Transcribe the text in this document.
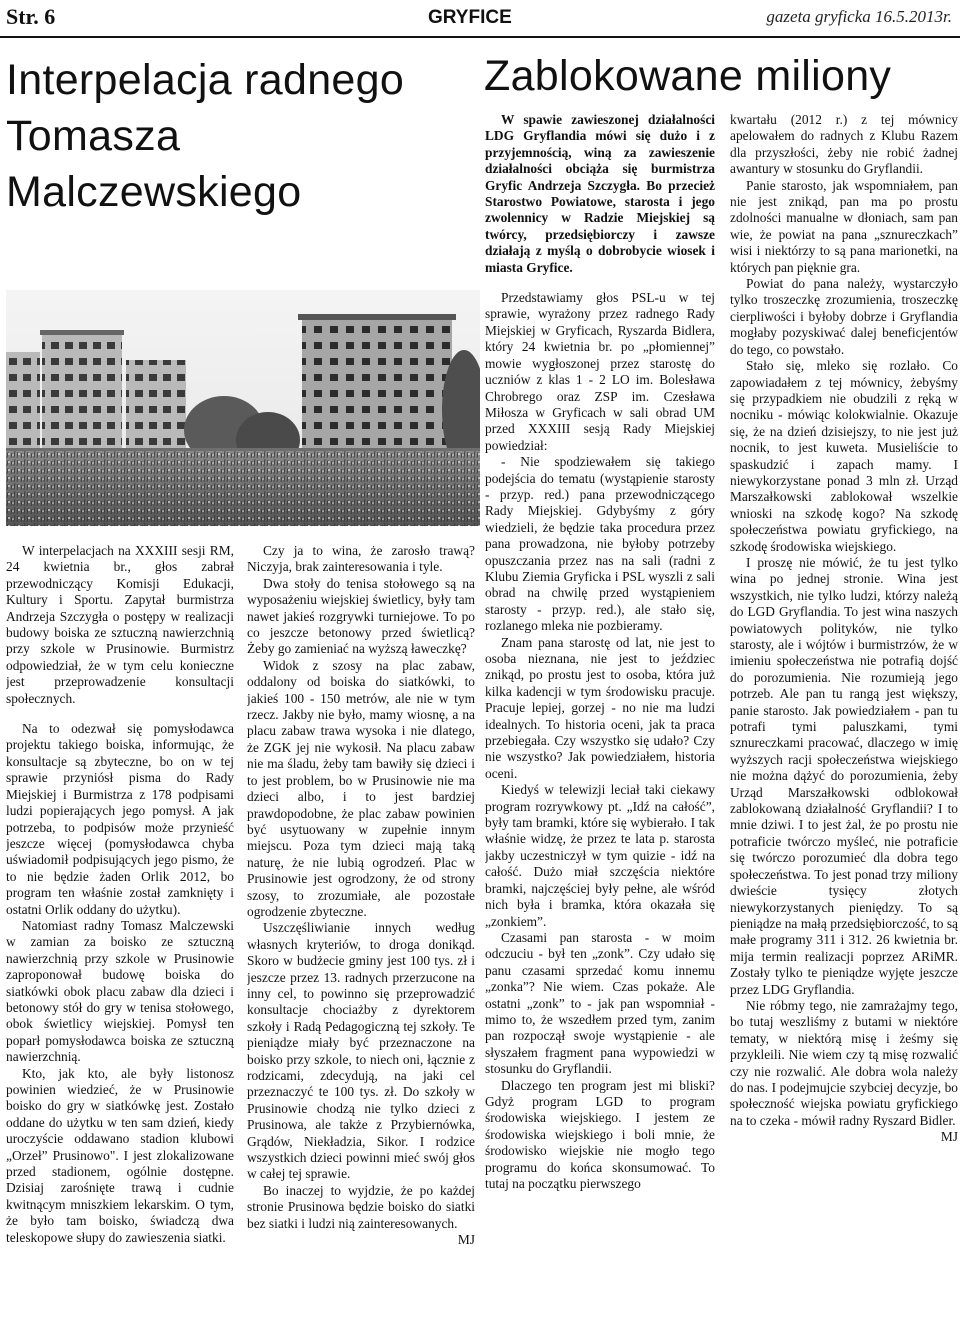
Str. 6	GRYFICE	gazeta gryficka 16.5.2013r.
Interpelacja radnego Tomasza Malczewskiego
Zablokowane miliony

W interpelacjach na XXXIII sesji RM, 24 kwietnia br., głos zabrał przewodniczący Komisji Edukacji, Kultury i Sportu. Zapytał burmistrza Andrzeja Szczygła o postępy w realizacji budowy boiska ze sztuczną nawierzchnią przy szkole w Prusinowie. Burmistrz odpowiedział, że w tym celu konieczne jest przeprowadzenie konsultacji społecznych.

Na to odezwał się pomysłodawca projektu takiego boiska, informując, że konsultacje są zbyteczne, bo on w tej sprawie przyniósł pisma do Rady Miejskiej i Burmistrza z 178 podpisami ludzi popierających jego pomysł. A jak potrzeba, to podpisów może przynieść jeszcze więcej (pomysłodawca chyba uświadomił podpisujących jego pismo, że to nie będzie żaden Orlik 2012, bo program ten właśnie został zamknięty i ostatni Orlik oddany do użytku).

Natomiast radny Tomasz Malczewski w zamian za boisko ze sztuczną nawierzchnią przy szkole w Prusinowie zaproponował budowę boiska do siatkówki obok placu zabaw dla dzieci i betonowy stół do gry w tenisa stołowego, obok świetlicy wiejskiej. Pomysł ten poparł pomysłodawca boiska ze sztuczną nawierzchnią.

Kto, jak kto, ale były listonosz powinien wiedzieć, że w Prusinowie boisko do gry w siatkówkę jest. Zostało oddane do użytku w ten sam dzień, kiedy uroczyście oddawano stadion klubowi „Orzeł” Prusinowo". I jest zlokalizowane przed stadionem, ogólnie dostępne. Dzisiaj zarośnięte trawą i cudnie kwitnącym mniszkiem lekarskim. O tym, że było tam boisko, świadczą dwa teleskopowe słupy do zawieszenia siatki.

Czy ja to wina, że zarosło trawą? Niczyja, brak zainteresowania i tyle.

Dwa stoły do tenisa stołowego są na wyposażeniu wiejskiej świetlicy, były tam nawet jakieś rozgrywki turniejowe. To po co jeszcze betonowy przed świetlicą? Żeby go zamieniać na wyższą ławeczkę?

Widok z szosy na plac zabaw, oddalony od boiska do siatkówki, to jakieś 100 - 150 metrów, ale nie w tym rzecz. Jakby nie było, mamy wiosnę, a na placu zabaw trawa wysoka i nie dlatego, że ZGK jej nie wykosił. Na placu zabaw nie ma śladu, żeby tam bawiły się dzieci i to jest problem, bo w Prusinowie nie ma dzieci albo, i to jest bardziej prawdopodobne, że plac zabaw powinien być usytuowany w zupełnie innym miejscu. Poza tym dzieci mają taką naturę, że nie lubią ogrodzeń. Plac w Prusinowie jest ogrodzony, że od strony szosy, to zrozumiałe, ale pozostałe ogrodzenie zbyteczne.

Uszczęśliwianie innych według własnych kryteriów, to droga donikąd. Skoro w budżecie gminy jest 100 tys. zł i jeszcze przez 13. radnych przerzucone na inny cel, to powinno się przeprowadzić konsultacje chociażby z dyrektorem szkoły i Radą Pedagogiczną tej szkoły. Te pieniądze miały być przeznaczone na boisko przy szkole, to niech oni, łącznie z rodzicami, zdecydują, na jaki cel przeznaczyć te 100 tys. zł. Do szkoły w Prusinowie chodzą nie tylko dzieci z Prusinowa, ale także z Przybiernówka, Grądów, Niekładzia, Sikor. I rodzice wszystkich dzieci powinni mieć swój głos w całej tej sprawie.

Bo inaczej to wyjdzie, że po każdej stronie Prusinowa będzie boisko do siatki bez siatki i ludzi nią zainteresowanych.

MJ

W spawie zawieszonej działalności LDG Gryflandia mówi się dużo i z przyjemnością, winą za zawieszenie działalności obciąża się burmistrza Gryfic Andrzeja Szczygła. Bo przecież Starostwo Powiatowe, starosta i jego zwolennicy w Radzie Miejskiej są twórcy, przedsiębiorczy i zawsze działają z myślą o dobrobycie wiosek i miasta Gryfice.

Przedstawiamy głos PSL-u w tej sprawie, wyrażony przez radnego Rady Miejskiej w Gryficach, Ryszarda Bidlera, który 24 kwietnia br. po „płomiennej” mowie wygłoszonej przez starostę do uczniów z klas 1 - 2 LO im. Bolesława Chrobrego oraz ZSP im. Czesława Miłosza w Gryficach w sali obrad UM przed XXXIII sesją Rady Miejskiej powiedział:

- Nie spodziewałem się takiego podejścia do tematu (wystąpienie starosty - przyp. red.) pana przewodniczącego Rady Miejskiej. Gdybyśmy z góry wiedzieli, że będzie taka procedura przez pana prowadzona, nie byłoby potrzeby opuszczania przez nas na sali (radni z Klubu Ziemia Gryficka i PSL wyszli z sali obrad na chwilę przed wystąpieniem starosty - przyp. red.), ale stało się, rozlanego mleka nie pozbieramy.

Znam pana starostę od lat, nie jest to osoba nieznana, nie jest to jeździec znikąd, po prostu jest to osoba, która już kilka kadencji w tym środowisku pracuje. Pracuje lepiej, gorzej - no nie ma ludzi idealnych. To historia oceni, jak ta praca przebiegała. Czy wszystko się udało? Czy nie wszystko? Jak powiedziałem, historia oceni.

Kiedyś w telewizji leciał taki ciekawy program rozrywkowy pt. „Idź na całość”, były tam bramki, które się wybierało. I tak właśnie widzę, że przez te lata p. starosta jakby uczestniczył w tym quizie - idź na całość. Dużo miał szczęścia niektóre bramki, najczęściej były pełne, ale wśród nich była i bramka, która okazała się „zonkiem”.

Czasami pan starosta - w moim odczuciu - był ten „zonk”. Czy udało się panu czasami sprzedać komu innemu „zonka”? Nie wiem. Czas pokaże. Ale ostatni „zonk” to - jak pan wspomniał - mimo to, że wszedłem przed tym, zanim pan rozpoczął swoje wystąpienie - ale słyszałem fragment pana wypowiedzi w stosunku do Gryflandii.

Dlaczego ten program jest mi bliski? Gdyż program LGD to program środowiska wiejskiego. I jestem ze środowiska wiejskiego i boli mnie, że środowisko wiejskie nie mogło tego programu do końca skonsumować. To tutaj na początku pierwszego

kwartału (2012 r.) z tej mównicy apelowałem do radnych z Klubu Razem dla przyszłości, żeby nie robić żadnej awantury w stosunku do Gryflandii.

Panie starosto, jak wspomniałem, pan nie jest znikąd, pan ma po prostu zdolności manualne w dłoniach, sam pan wie, że powiat na pana „sznureczkach” wisi i niektórzy to są pana marionetki, na których pan pięknie gra.

Powiat do pana należy, wystarczyło tylko troszeczkę zrozumienia, troszeczkę cierpliwości i byłoby dobrze i Gryflandia mogłaby pozyskiwać dalej beneficjentów do tego, co powstało.

Stało się, mleko się rozlało. Co zapowiadałem z tej mównicy, żebyśmy się przypadkiem nie obudzili z ręką w nocniku - mówiąc kolokwialnie. Okazuje się, że na dzień dzisiejszy, to nie jest już nocnik, to jest kuweta. Musieliście to spaskudzić i zapach mamy. I niewykorzystane ponad 3 mln zł. Urząd Marszałkowski zablokował wszelkie wnioski na szkodę kogo? Na szkodę społeczeństwa powiatu gryfickiego, na szkodę środowiska wiejskiego.

I proszę nie mówić, że tu jest tylko wina po jednej stronie. Wina jest wszystkich, nie tylko ludzi, którzy należą do LGD Gryflandia. To jest wina naszych powiatowych polityków, nie tylko starosty, ale i wójtów i burmistrzów, że w imieniu społeczeństwa nie potrafią dojść do porozumienia. Nie rozumieją jego potrzeb. Ale pan tu rangą jest większy, panie starosto. Jak powiedziałem - pan tu potrafi tymi paluszkami, tymi sznureczkami pracować, dlaczego w imię wyższych racji społeczeństwa wiejskiego nie można dążyć do porozumienia, żeby Urząd Marszałkowski odblokował zablokowaną działalność Gryflandii? I to mnie dziwi. I to jest żal, że po prostu nie potraficie twórczo myśleć, nie potraficie się twórczo porozumieć dla dobra tego społeczeństwa. To jest ponad trzy miliony dwieście tysięcy złotych niewykorzystanych pieniędzy. To są pieniądze na małą przedsiębiorczość, to są małe programy 311 i 312. 26 kwietnia br. mija termin realizacji poprzez ARiMR. Zostały tylko te pieniądze wyjęte jeszcze przez LDG Gryflandia.

Nie róbmy tego, nie zamrażajmy tego, bo tutaj weszliśmy z butami w niektóre tematy, w niektórą misę i żeśmy się przykleili. Nie wiem czy tą misę rozwalić czy nie rozwalić. Ale dobra wola należy do nas. I podejmujcie szybciej decyzje, bo społeczność wiejska powiatu gryfickiego na to czeka - mówił radny Ryszard Bidler.

MJ
